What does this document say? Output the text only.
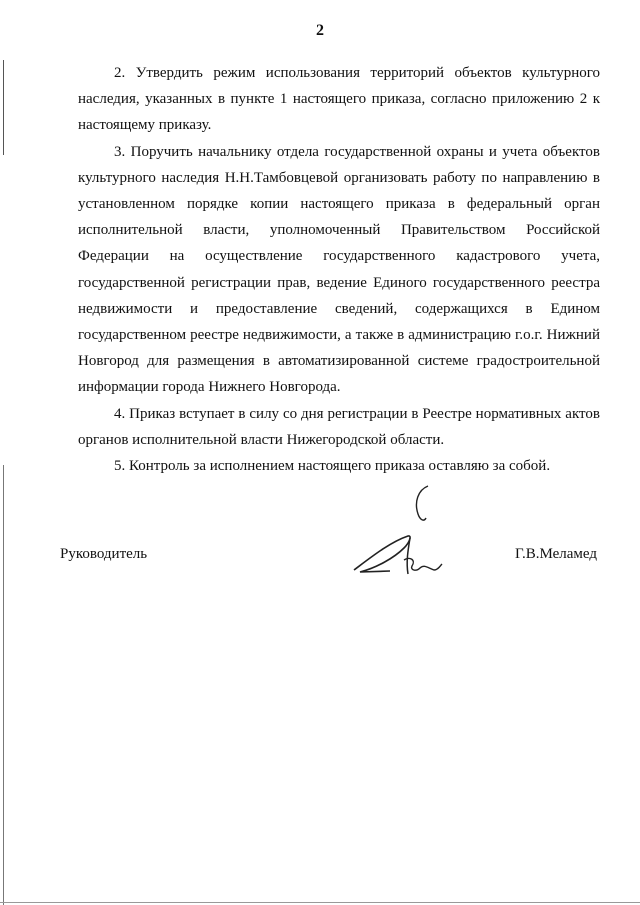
2

2. Утвердить режим использования территорий объектов культурного наследия, указанных в пункте 1 настоящего приказа, согласно приложению 2 к настоящему приказу.

3. Поручить начальнику отдела государственной охраны и учета объектов культурного наследия Н.Н.Тамбовцевой организовать работу по направлению в установленном порядке копии настоящего приказа в федеральный орган исполнительной власти, уполномоченный Правительством Российской Федерации на осуществление государственного кадастрового учета, государственной регистрации прав, ведение Единого государственного реестра недвижимости и предоставление сведений, содержащихся в Едином государственном реестре недвижимости, а также в администрацию г.о.г. Нижний Новгород для размещения в автоматизированной системе градостроительной информации города Нижнего Новгорода.

4. Приказ вступает в силу со дня регистрации в Реестре нормативных актов органов исполнительной власти Нижегородской области.

5. Контроль за исполнением настоящего приказа оставляю за собой.

Руководитель	Г.В.Меламед
